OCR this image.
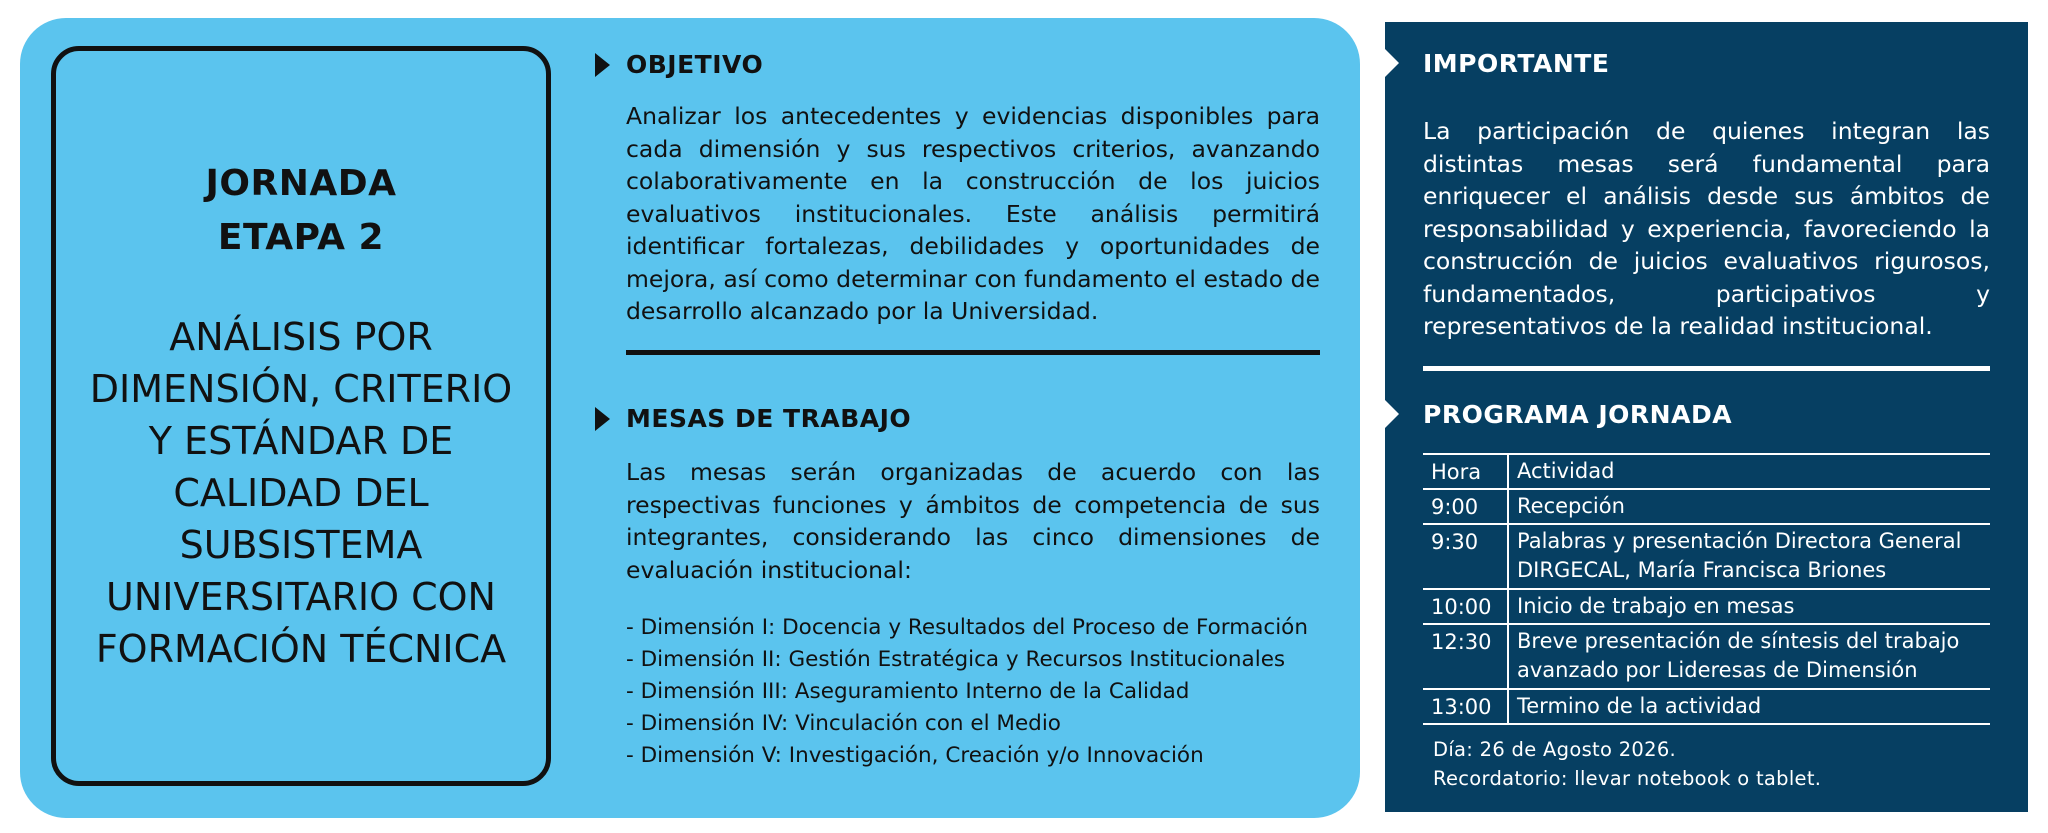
JORNADA
ETAPA 2
ANÁLISIS POR
DIMENSIÓN, CRITERIO
Y ESTÁNDAR DE
CALIDAD DEL
SUBSISTEMA
UNIVERSITARIO CON
FORMACIÓN TÉCNICA
OBJETIVO

Analizar los antecedentes y evidencias disponibles para cada dimensión y sus respectivos criterios, avanzando colaborativamente en la construcción de los juicios evaluativos institucionales. Este análisis permitirá identificar fortalezas, debilidades y oportunidades de mejora, así como determinar con fundamento el estado de desarrollo alcanzado por la Universidad.

MESAS DE TRABAJO

Las mesas serán organizadas de acuerdo con las respectivas funciones y ámbitos de competencia de sus integrantes, considerando las cinco dimensiones de evaluación institucional:

- Dimensión I: Docencia y Resultados del Proceso de Formación
- Dimensión II: Gestión Estratégica y Recursos Institucionales
- Dimensión III: Aseguramiento Interno de la Calidad
- Dimensión IV: Vinculación con el Medio
- Dimensión V: Investigación, Creación y/o Innovación
IMPORTANTE

La participación de quienes integran las distintas mesas será fundamental para enriquecer el análisis desde sus ámbitos de responsabilidad y experiencia, favoreciendo la construcción de juicios evaluativos rigurosos, fundamentados, participativos y representativos de la realidad institucional.

PROGRAMA JORNADA
Hora	Actividad
9:00	Recepción
9:30	Palabras y presentación Directora General DIRGECAL, María Francisca Briones
10:00	Inicio de trabajo en mesas
12:30	Breve presentación de síntesis del trabajo avanzado por Lideresas de Dimensión
13:00	Termino de la actividad
Día: 26 de Agosto 2026.
Recordatorio: llevar notebook o tablet.
